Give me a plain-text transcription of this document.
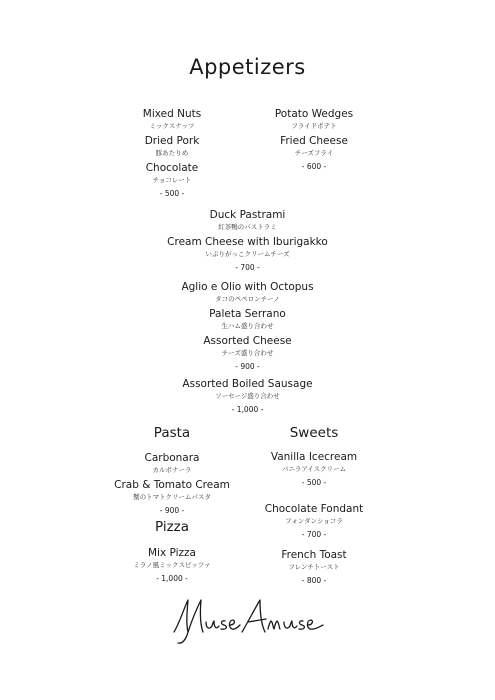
Appetizers
Mixed Nuts
ミックスナッツ
Dried Pork
豚あたりめ
Chocolate
チョコレート
- 500 -
Potato Wedges
フライドポテト
Fried Cheese
チーズフライ
- 600 -
Duck Pastrami
紅茶鴨のパストラミ
Cream Cheese with Iburigakko
いぶりがっこクリームチーズ
- 700 -
Aglio e Olio with Octopus
タコのペペロンチーノ
Paleta Serrano
生ハム盛り合わせ
Assorted Cheese
チーズ盛り合わせ
- 900 -
Assorted Boiled Sausage
ソーセージ盛り合わせ
- 1,000 -
Pasta
Carbonara
カルボナーラ
Crab & Tomato Cream
蟹のトマトクリームパスタ
- 900 -
Pizza
Mix Pizza
ミラノ風ミックスピッツァ
- 1,000 -
Sweets
Vanilla Icecream
バニラアイスクリーム
- 500 -
Chocolate Fondant
フォンダンショコラ
- 700 -
French Toast
フレンチトースト
- 800 -
